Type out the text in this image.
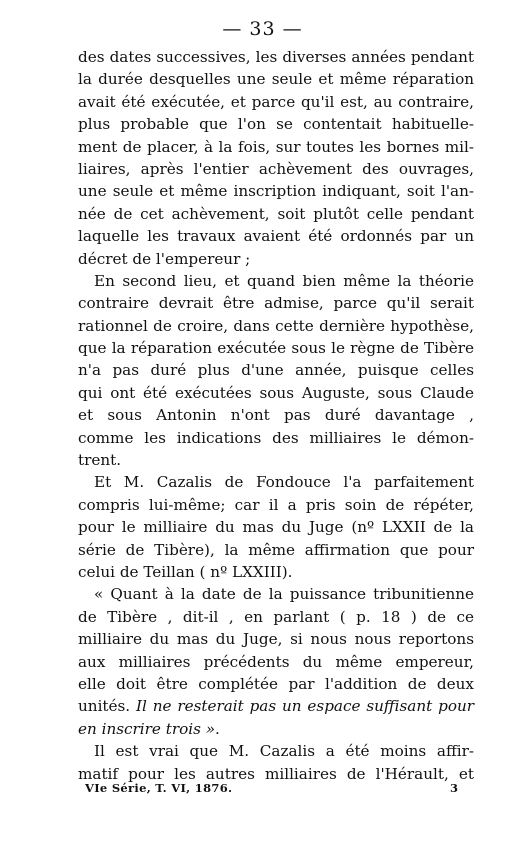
— 33 —
des dates successives, les diverses années pendant
la durée desquelles une seule et même réparation
avait été exécutée, et parce qu'il est, au contraire,
plus probable que l'on se contentait habituelle-
ment de placer, à la fois, sur toutes les bornes mil-
liaires, après l'entier achèvement des ouvrages,
une seule et même inscription indiquant, soit l'an-
née de cet achèvement, soit plutôt celle pendant
laquelle les travaux avaient été ordonnés par un
décret de l'empereur ;
En second lieu, et quand bien même la théorie
contraire devrait être admise, parce qu'il serait
rationnel de croire, dans cette dernière hypothèse,
que la réparation exécutée sous le règne de Tibère
n'a pas duré plus d'une année, puisque celles
qui ont été exécutées sous Auguste, sous Claude
et sous Antonin n'ont pas duré davantage ,
comme les indications des milliaires le démon-
trent.
Et M. Cazalis de Fondouce l'a parfaitement
compris lui-même; car il a pris soin de répéter,
pour le milliaire du mas du Juge (nº LXXII de la
série de Tibère), la même affirmation que pour
celui de Teillan ( nº LXXIII).
« Quant à la date de la puissance tribunitienne
de Tibère , dit-il , en parlant ( p. 18 ) de ce
milliaire du mas du Juge, si nous nous reportons
aux milliaires précédents du même empereur,
elle doit être complétée par l'addition de deux
unités. Il ne resterait pas un espace suffisant pour
en inscrire trois ».
Il est vrai que M. Cazalis a été moins affir-
matif pour les autres milliaires de l'Hérault, et
VIe Série, T. VI, 1876.	3
